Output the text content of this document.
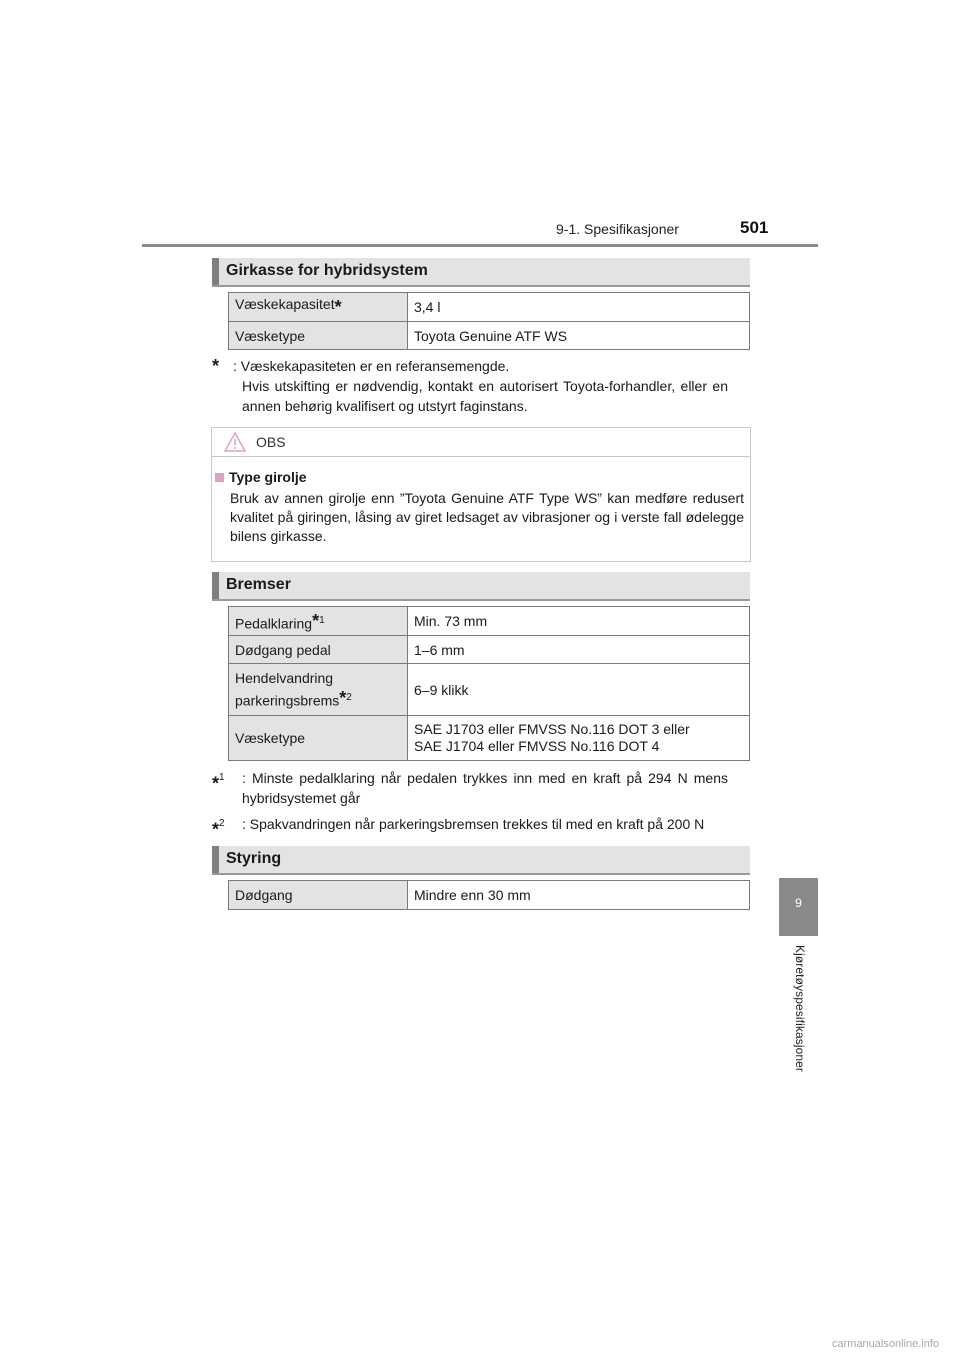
9-1. Spesifikasjoner	501
9
Kjøretøyspesifikasjoner
Girkasse for hybridsystem
Væskekapasitet*	3,4 l
Væsketype	Toyota Genuine ATF WS
* : Væskekapasiteten er en referansemengde.
Hvis utskifting er nødvendig, kontakt en autorisert Toyota-forhandler, eller en annen behørig kvalifisert og utstyrt faginstans.
OBS
Type girolje
Bruk av annen girolje enn ”Toyota Genuine ATF Type WS” kan medføre redusert kvalitet på giringen, låsing av giret ledsaget av vibrasjoner og i verste fall ødelegge bilens girkasse.
Bremser
Pedalklaring$^{*1}$	Min. 73 mm
Dødgang pedal	1–6 mm

Hendelvandring
parkeringsbrems$^{*2}$	6–9 klikk
Væsketype	SAE J1703 eller FMVSS No.116 DOT 3 eller
SAE J1704 eller FMVSS No.116 DOT 4
*$^1$ : Minste pedalklaring når pedalen trykkes inn med en kraft på 294 N mens hybridsystemet går
*$^2$ : Spakvandringen når parkeringsbremsen trekkes til med en kraft på 200 N
Styring
Dødgang	Mindre enn 30 mm
carmanualsonline.info
